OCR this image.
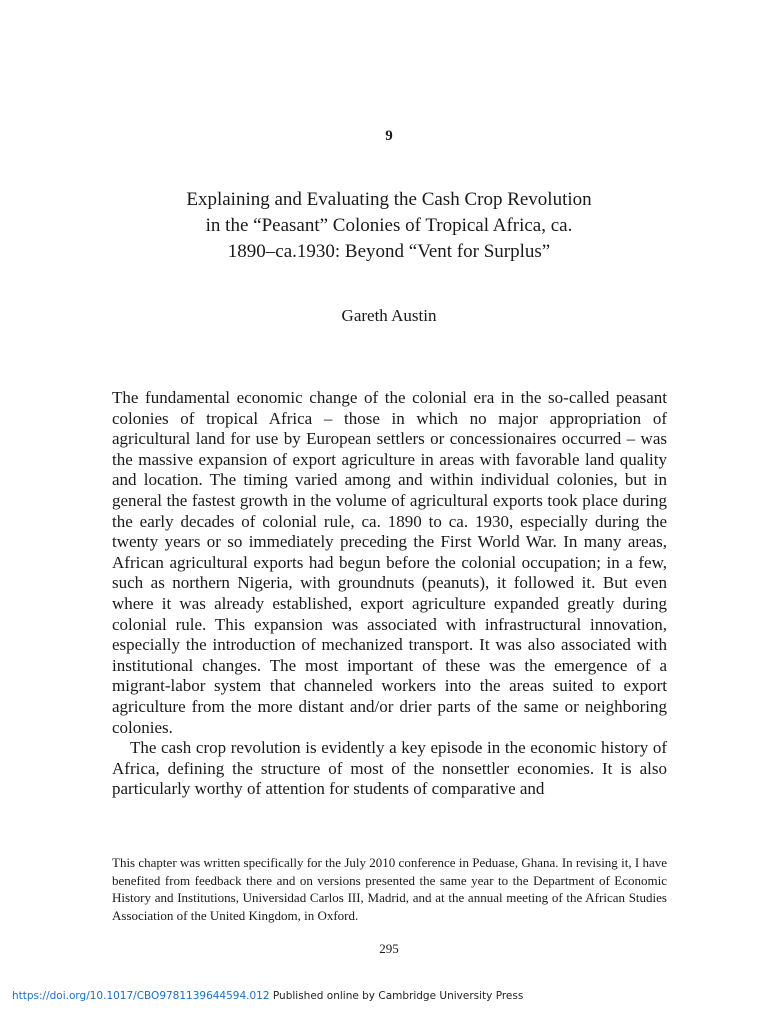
9
Explaining and Evaluating the Cash Crop Revolution in the “Peasant” Colonies of Tropical Africa, ca. 1890–ca.1930: Beyond “Vent for Surplus”
Gareth Austin

The fundamental economic change of the colonial era in the so-called peasant colonies of tropical Africa – those in which no major appropriation of agricultural land for use by European settlers or concessionaires occurred – was the massive expansion of export agriculture in areas with favorable land quality and location. The timing varied among and within individual colonies, but in general the fastest growth in the volume of agricultural exports took place during the early decades of colonial rule, ca. 1890 to ca. 1930, especially during the twenty years or so immediately preceding the First World War. In many areas, African agricultural exports had begun before the colonial occupation; in a few, such as northern Nigeria, with groundnuts (peanuts), it followed it. But even where it was already established, export agriculture expanded greatly during colonial rule. This expansion was associated with infrastructural innovation, especially the introduction of mechanized transport. It was also associated with institutional changes. The most important of these was the emergence of a migrant-labor system that channeled workers into the areas suited to export agriculture from the more distant and/or drier parts of the same or neighboring colonies.

The cash crop revolution is evidently a key episode in the economic history of Africa, defining the structure of most of the nonsettler economies. It is also particularly worthy of attention for students of comparative and

This chapter was written specifically for the July 2010 conference in Peduase, Ghana. In revising it, I have benefited from feedback there and on versions presented the same year to the Department of Economic History and Institutions, Universidad Carlos III, Madrid, and at the annual meeting of the African Studies Association of the United Kingdom, in Oxford.
295
https://doi.org/10.1017/CBO9781139644594.012 Published online by Cambridge University Press
